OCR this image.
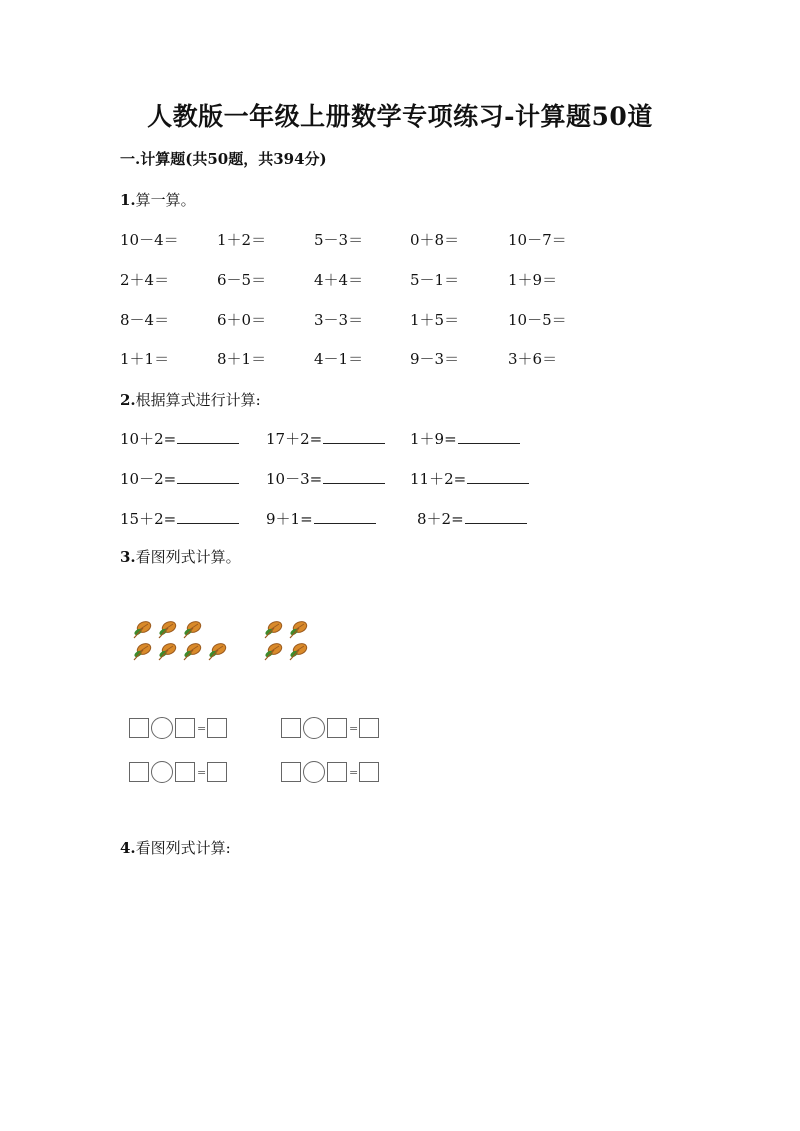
人教版一年级上册数学专项练习-计算题50道
一.计算题(共50题，共394分)
1.算一算。
10－4＝	1＋2＝	5－3＝	0＋8＝	10－7＝
2＋4＝	6－5＝	4＋4＝	5－1＝	1＋9＝
8－4＝	6＋0＝	3－3＝	1＋5＝	10－5＝
1＋1＝	8＋1＝	4－1＝	9－3＝	3＋6＝
2.根据算式进行计算:
10＋2=	17＋2=	1＋9=
10－2=	10－3=	11＋2=
15＋2=	9＋1=	8＋2=
3.看图列式计算。
=	=
=	=
4.看图列式计算:
